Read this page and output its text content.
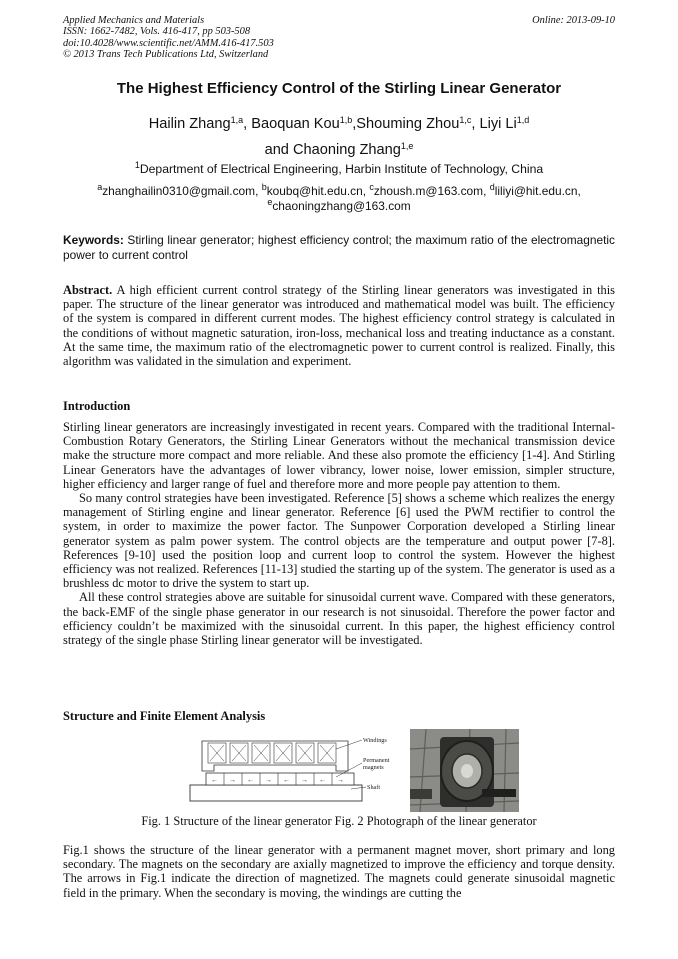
Applied Mechanics and Materials
ISSN: 1662-7482, Vols. 416-417, pp 503-508
doi:10.4028/www.scientific.net/AMM.416-417.503
© 2013 Trans Tech Publications Ltd, Switzerland
Online: 2013-09-10
The Highest Efficiency Control of the Stirling Linear Generator
Hailin Zhang$^{1,a}$, Baoquan Kou$^{1,b}$,Shouming Zhou$^{1,c}$, Liyi Li$^{1,d}$
and Chaoning Zhang$^{1,e}$
$^1$Department of Electrical Engineering, Harbin Institute of Technology, China
$^a$zhanghailin0310@gmail.com, $^b$koubq@hit.edu.cn, $^c$zhoush.m@163.com, $^d$liliyi@hit.edu.cn,
$^e$chaoningzhang@163.com
Keywords: Stirling linear generator; highest efficiency control; the maximum ratio of the electromagnetic power to current control
Abstract. A high efficient current control strategy of the Stirling linear generators was investigated in this paper. The structure of the linear generator was introduced and mathematical model was built. The efficiency of the system is compared in different current modes. The highest efficiency control strategy is calculated in the conditions of without magnetic saturation, iron-loss, mechanical loss and treating inductance as a constant. At the same time, the maximum ratio of the electromagnetic power to current control is realized. Finally, this algorithm was validated in the simulation and experiment.
Introduction

Stirling linear generators are increasingly investigated in recent years. Compared with the traditional Internal-Combustion Rotary Generators, the Stirling Linear Generators without the mechanical transmission device make the structure more compact and more reliable. And these also promote the efficiency [1-4]. And Stirling Linear Generators have the advantages of lower vibrancy, lower noise, lower emission, simpler structure, higher efficiency and larger range of fuel and therefore more and more people pay attention to them.

So many control strategies have been investigated. Reference [5] shows a scheme which realizes the energy management of Stirling engine and linear generator. Reference [6] used the PWM rectifier to control the system, in order to maximize the power factor. The Sunpower Corporation developed a Stirling linear generator system as palm power system. The control objects are the temperature and output power [7-8]. References [9-10] used the position loop and current loop to control the system. However the highest efficiency was not realized. References [11-13] studied the starting up of the system. The generator is used as a brushless dc motor to drive the system to start up.

All these control strategies above are suitable for sinusoidal current wave. Compared with these generators, the back-EMF of the single phase generator in our research is not sinusoidal. Therefore the power factor and efficiency couldn’t be maximized with the sinusoidal current. In this paper, the highest efficiency control strategy of the single phase Stirling linear generator will be investigated.

Structure and Finite Element Analysis
← → ← → ← → ← →
Windings
Permanent
magnets
Shaft
Fig. 1 Structure of the linear generator Fig. 2 Photograph of the linear generator
Fig.1 shows the structure of the linear generator with a permanent magnet mover, short primary and long secondary. The magnets on the secondary are axially magnetized to improve the efficiency and torque density. The arrows in Fig.1 indicate the direction of magnetized. The magnets could generate sinusoidal magnetic field in the primary. When the secondary is moving, the windings are cutting the
